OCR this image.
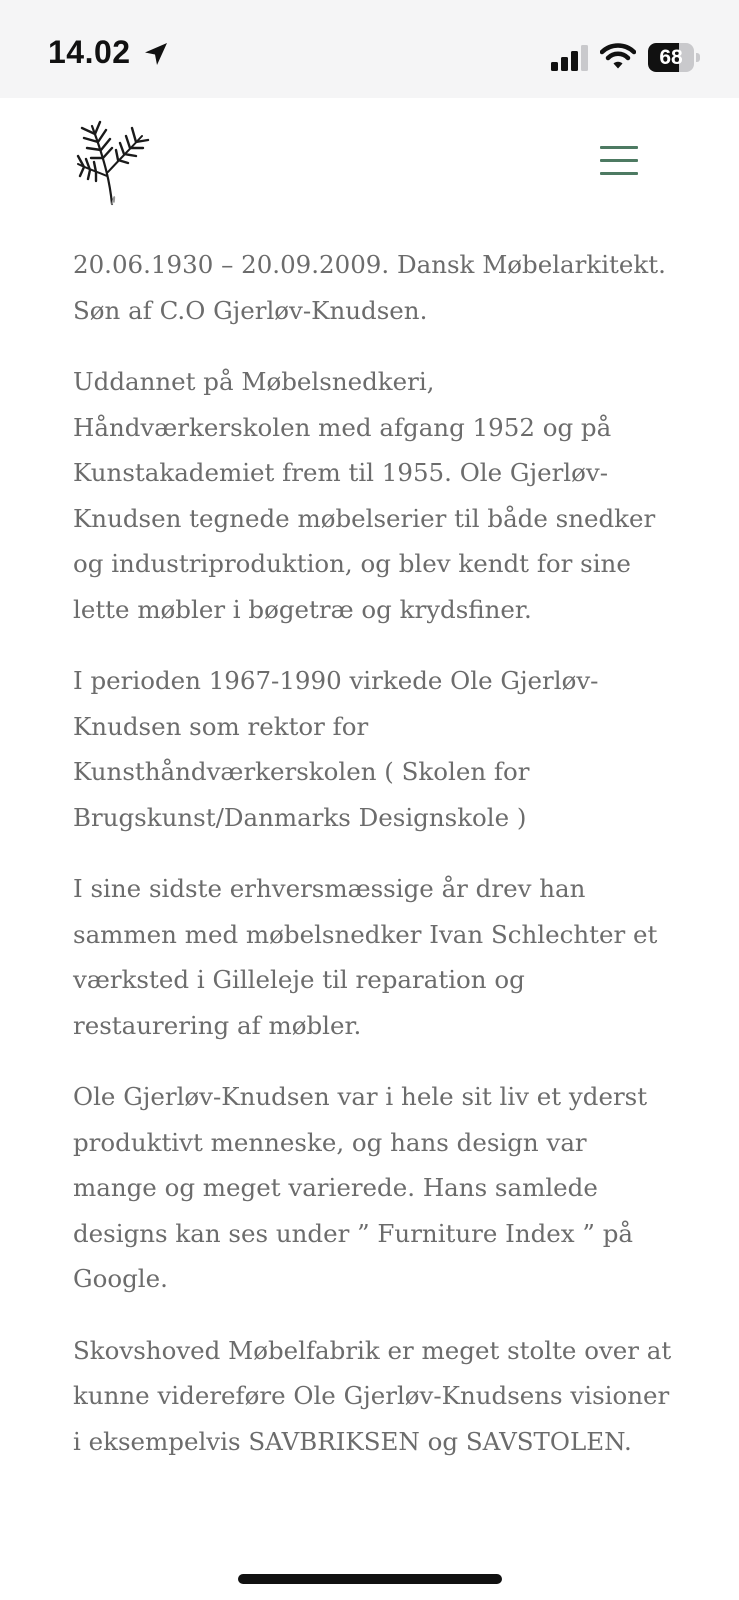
14.02	68

20.06.1930 – 20.09.2009. Dansk Møbelarkitekt. Søn af C.O Gjerløv-Knudsen.

Uddannet på Møbelsnedkeri, Håndværkerskolen med afgang 1952 og på Kunstakademiet frem til 1955. Ole Gjerløv-Knudsen tegnede møbelserier til både snedker og industriproduktion, og blev kendt for sine lette møbler i bøgetræ og krydsfiner.

I perioden 1967-1990 virkede Ole Gjerløv-Knudsen som rektor for Kunsthåndværkerskolen ( Skolen for Brugskunst/Danmarks Designskole )

I sine sidste erhversmæssige år drev han sammen med møbelsnedker Ivan Schlechter et værksted i Gilleleje til reparation og restaurering af møbler.

Ole Gjerløv-Knudsen var i hele sit liv et yderst produktivt menneske, og hans design var mange og meget varierede. Hans samlede designs kan ses under ” Furniture Index ” på Google.

Skovshoved Møbelfabrik er meget stolte over at kunne videreføre Ole Gjerløv-Knudsens visioner i eksempelvis SAVBRIKSEN og SAVSTOLEN.
